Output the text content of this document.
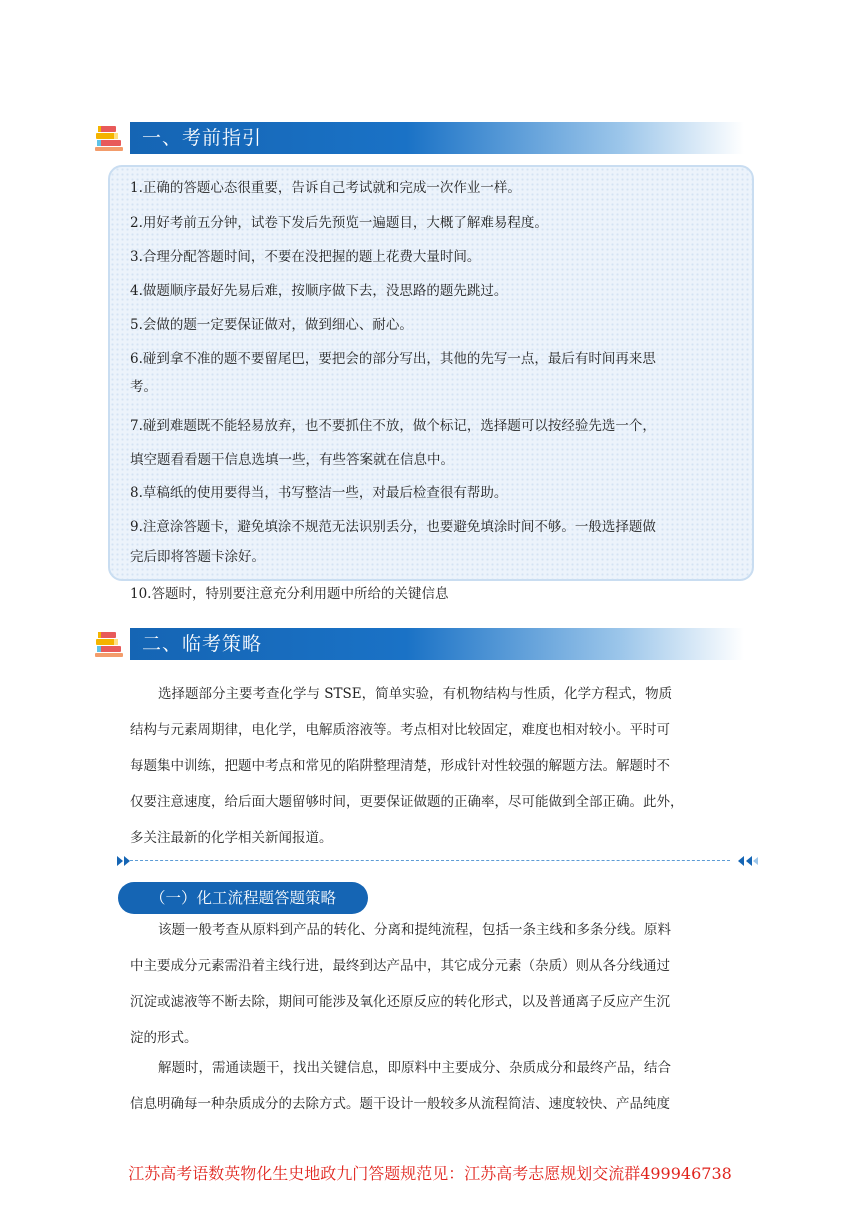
一、考前指引
1.正确的答题心态很重要，告诉自己考试就和完成一次作业一样。
2.用好考前五分钟，试卷下发后先预览一遍题目，大概了解难易程度。
3.合理分配答题时间，不要在没把握的题上花费大量时间。
4.做题顺序最好先易后难，按顺序做下去，没思路的题先跳过。
5.会做的题一定要保证做对，做到细心、耐心。
6.碰到拿不准的题不要留尾巴，要把会的部分写出，其他的先写一点，最后有时间再来思
考。
7.碰到难题既不能轻易放弃，也不要抓住不放，做个标记，选择题可以按经验先选一个，
填空题看看题干信息选填一些，有些答案就在信息中。
8.草稿纸的使用要得当，书写整洁一些，对最后检查很有帮助。
9.注意涂答题卡，避免填涂不规范无法识别丢分，也要避免填涂时间不够。一般选择题做
完后即将答题卡涂好。
10.答题时，特别要注意充分利用题中所给的关键信息
二、临考策略
选择题部分主要考查化学与 STSE，简单实验，有机物结构与性质，化学方程式，物质
结构与元素周期律，电化学，电解质溶液等。考点相对比较固定，难度也相对较小。平时可
每题集中训练，把题中考点和常见的陷阱整理清楚，形成针对性较强的解题方法。解题时不
仅要注意速度，给后面大题留够时间，更要保证做题的正确率，尽可能做到全部正确。此外，
多关注最新的化学相关新闻报道。
（一）化工流程题答题策略
该题一般考查从原料到产品的转化、分离和提纯流程，包括一条主线和多条分线。原料
中主要成分元素需沿着主线行进，最终到达产品中，其它成分元素（杂质）则从各分线通过
沉淀或滤液等不断去除，期间可能涉及氧化还原反应的转化形式，以及普通离子反应产生沉
淀的形式。
解题时，需通读题干，找出关键信息，即原料中主要成分、杂质成分和最终产品，结合
信息明确每一种杂质成分的去除方式。题干设计一般较多从流程简洁、速度较快、产品纯度
江苏高考语数英物化生史地政九门答题规范见：江苏高考志愿规划交流群499946738
